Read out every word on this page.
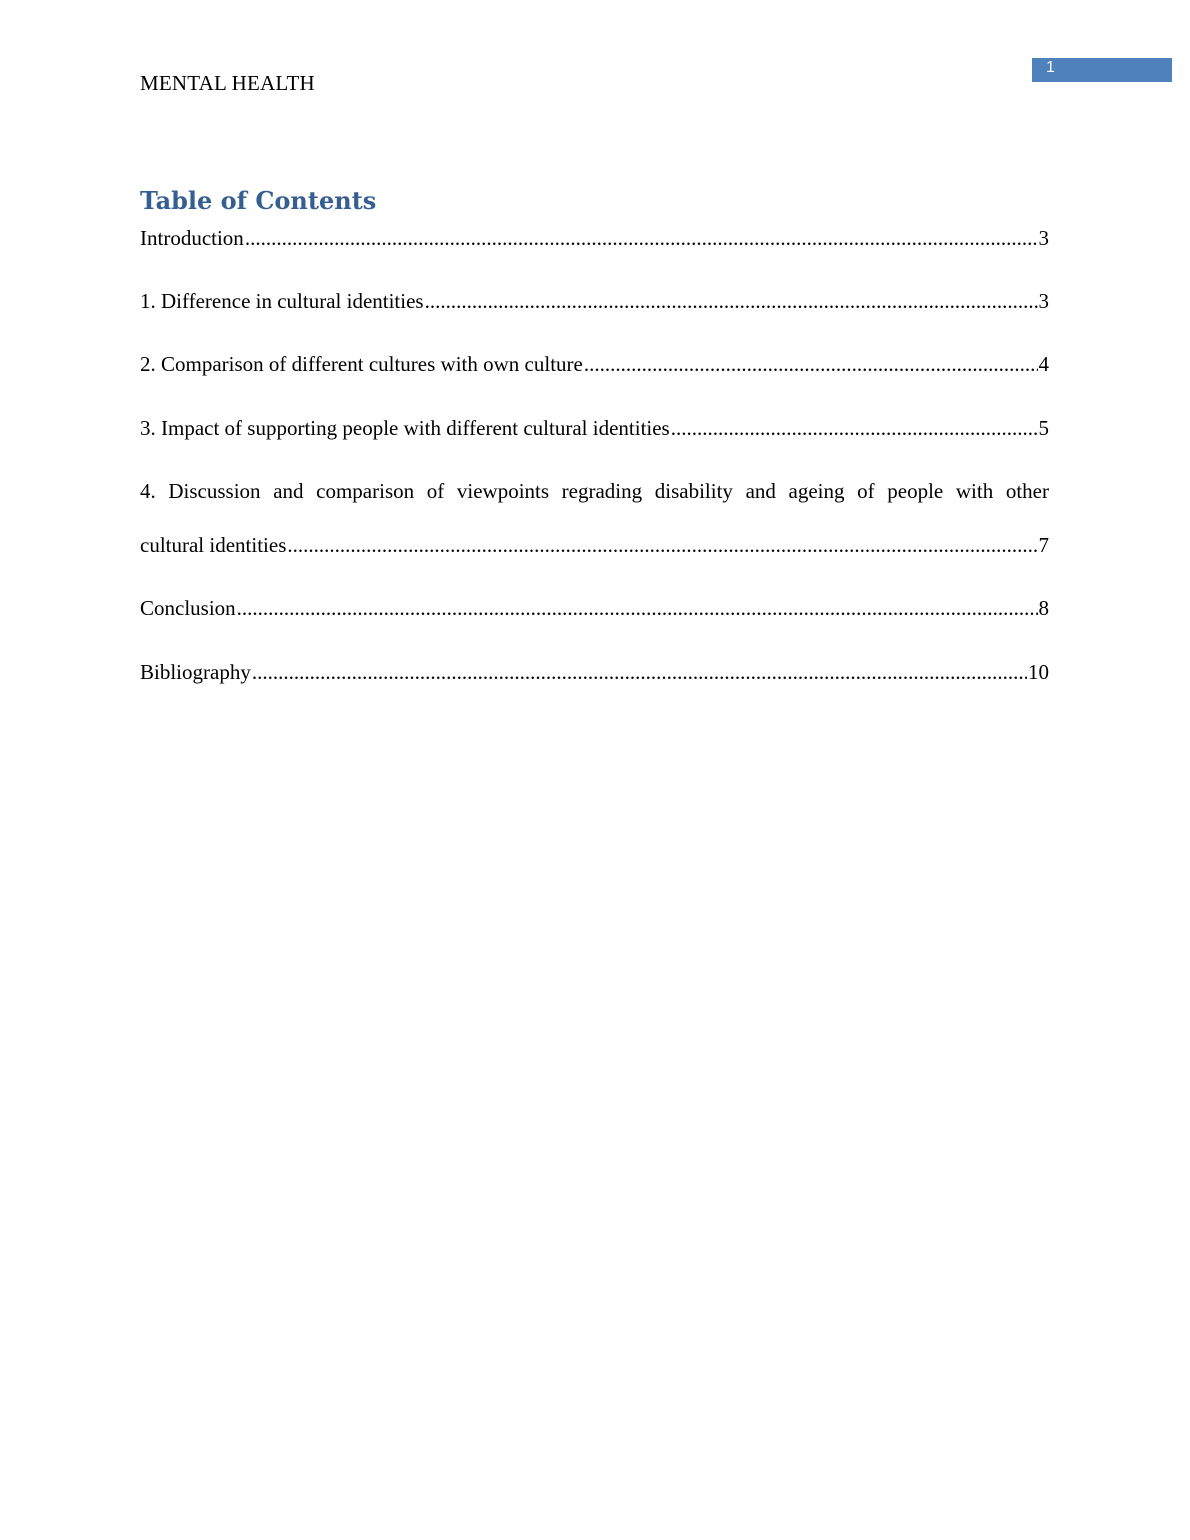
MENTAL HEALTH
1
Table of Contents
Introduction .....	3
1. Difference in cultural identities .....	3
2. Comparison of different cultures with own culture .....	4
3. Impact of supporting people with different cultural identities .....	5
4. Discussion and comparison of viewpoints regrading disability and ageing of people with other
cultural identities .....	7
Conclusion .....	8
Bibliography .....	10
